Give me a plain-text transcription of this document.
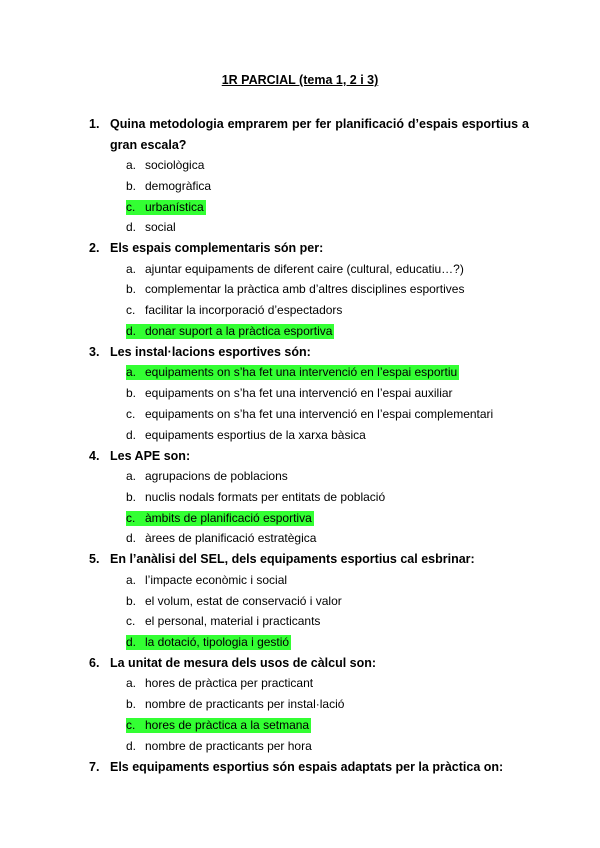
1R PARCIAL (tema 1, 2 i 3)
1. Quina metodologia emprarem per fer planificació d’espais esportius a gran escala?
a. sociològica
b. demogràfica
c. urbanística
d. social
2. Els espais complementaris són per:
a. ajuntar equipaments de diferent caire (cultural, educatiu…?)
b. complementar la pràctica amb d’altres disciplines esportives
c. facilitar la incorporació d’espectadors
d. donar suport a la pràctica esportiva
3. Les instal·lacions esportives són:
a. equipaments on s’ha fet una intervenció en l’espai esportiu
b. equipaments on s’ha fet una intervenció en l’espai auxiliar
c. equipaments on s’ha fet una intervenció en l’espai complementari
d. equipaments esportius de la xarxa bàsica
4. Les APE son:
a. agrupacions de poblacions
b. nuclis nodals formats per entitats de població
c. àmbits de planificació esportiva
d. àrees de planificació estratègica
5. En l’anàlisi del SEL, dels equipaments esportius cal esbrinar:
a. l’impacte econòmic i social
b. el volum, estat de conservació i valor
c. el personal, material i practicants
d. la dotació, tipologia i gestió
6. La unitat de mesura dels usos de càlcul son:
a. hores de pràctica per practicant
b. nombre de practicants per instal·lació
c. hores de pràctica a la setmana
d. nombre de practicants per hora
7. Els equipaments esportius són espais adaptats per la pràctica on:
